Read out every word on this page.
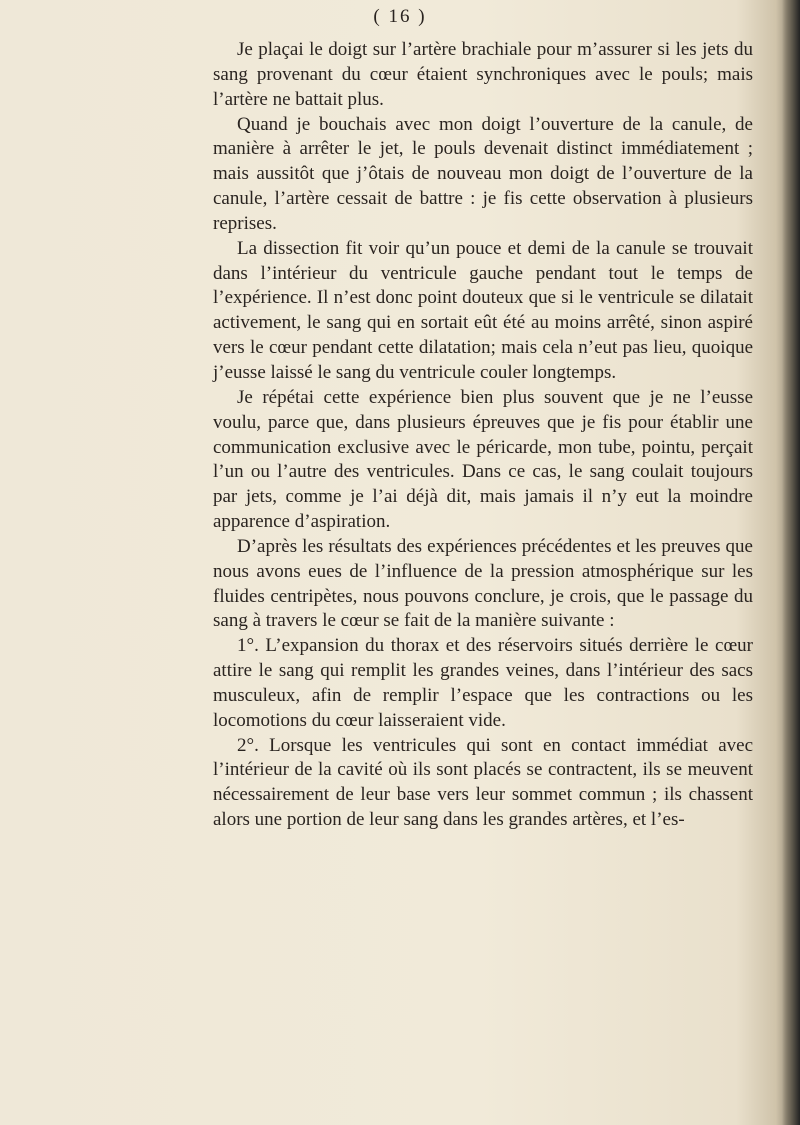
( 16 )

Je plaçai le doigt sur l’artère brachiale pour m’assurer si les jets du sang provenant du cœur étaient synchroniques avec le pouls; mais l’artère ne battait plus.

Quand je bouchais avec mon doigt l’ouverture de la canule, de manière à arrêter le jet, le pouls devenait distinct immédiatement ; mais aussitôt que j’ôtais de nouveau mon doigt de l’ouverture de la canule, l’artère cessait de battre : je fis cette observation à plusieurs reprises.

La dissection fit voir qu’un pouce et demi de la canule se trouvait dans l’intérieur du ventricule gauche pendant tout le temps de l’expérience. Il n’est donc point douteux que si le ventricule se dilatait activement, le sang qui en sortait eût été au moins arrêté, sinon aspiré vers le cœur pendant cette dilatation; mais cela n’eut pas lieu, quoique j’eusse laissé le sang du ventricule couler longtemps.

Je répétai cette expérience bien plus souvent que je ne l’eusse voulu, parce que, dans plusieurs épreuves que je fis pour établir une communication exclusive avec le péricarde, mon tube, pointu, perçait l’un ou l’autre des ventricules. Dans ce cas, le sang coulait toujours par jets, comme je l’ai déjà dit, mais jamais il n’y eut la moindre apparence d’aspiration.

D’après les résultats des expériences précédentes et les preuves que nous avons eues de l’influence de la pression atmosphérique sur les fluides centripètes, nous pouvons conclure, je crois, que le passage du sang à travers le cœur se fait de la manière suivante :

1°. L’expansion du thorax et des réservoirs situés derrière le cœur attire le sang qui remplit les grandes veines, dans l’intérieur des sacs musculeux, afin de remplir l’espace que les contractions ou les locomotions du cœur laisseraient vide.

2°. Lorsque les ventricules qui sont en contact immédiat avec l’intérieur de la cavité où ils sont placés se contractent, ils se meuvent nécessairement de leur base vers leur sommet commun ; ils chassent alors une portion de leur sang dans les grandes artères, et l’es-
